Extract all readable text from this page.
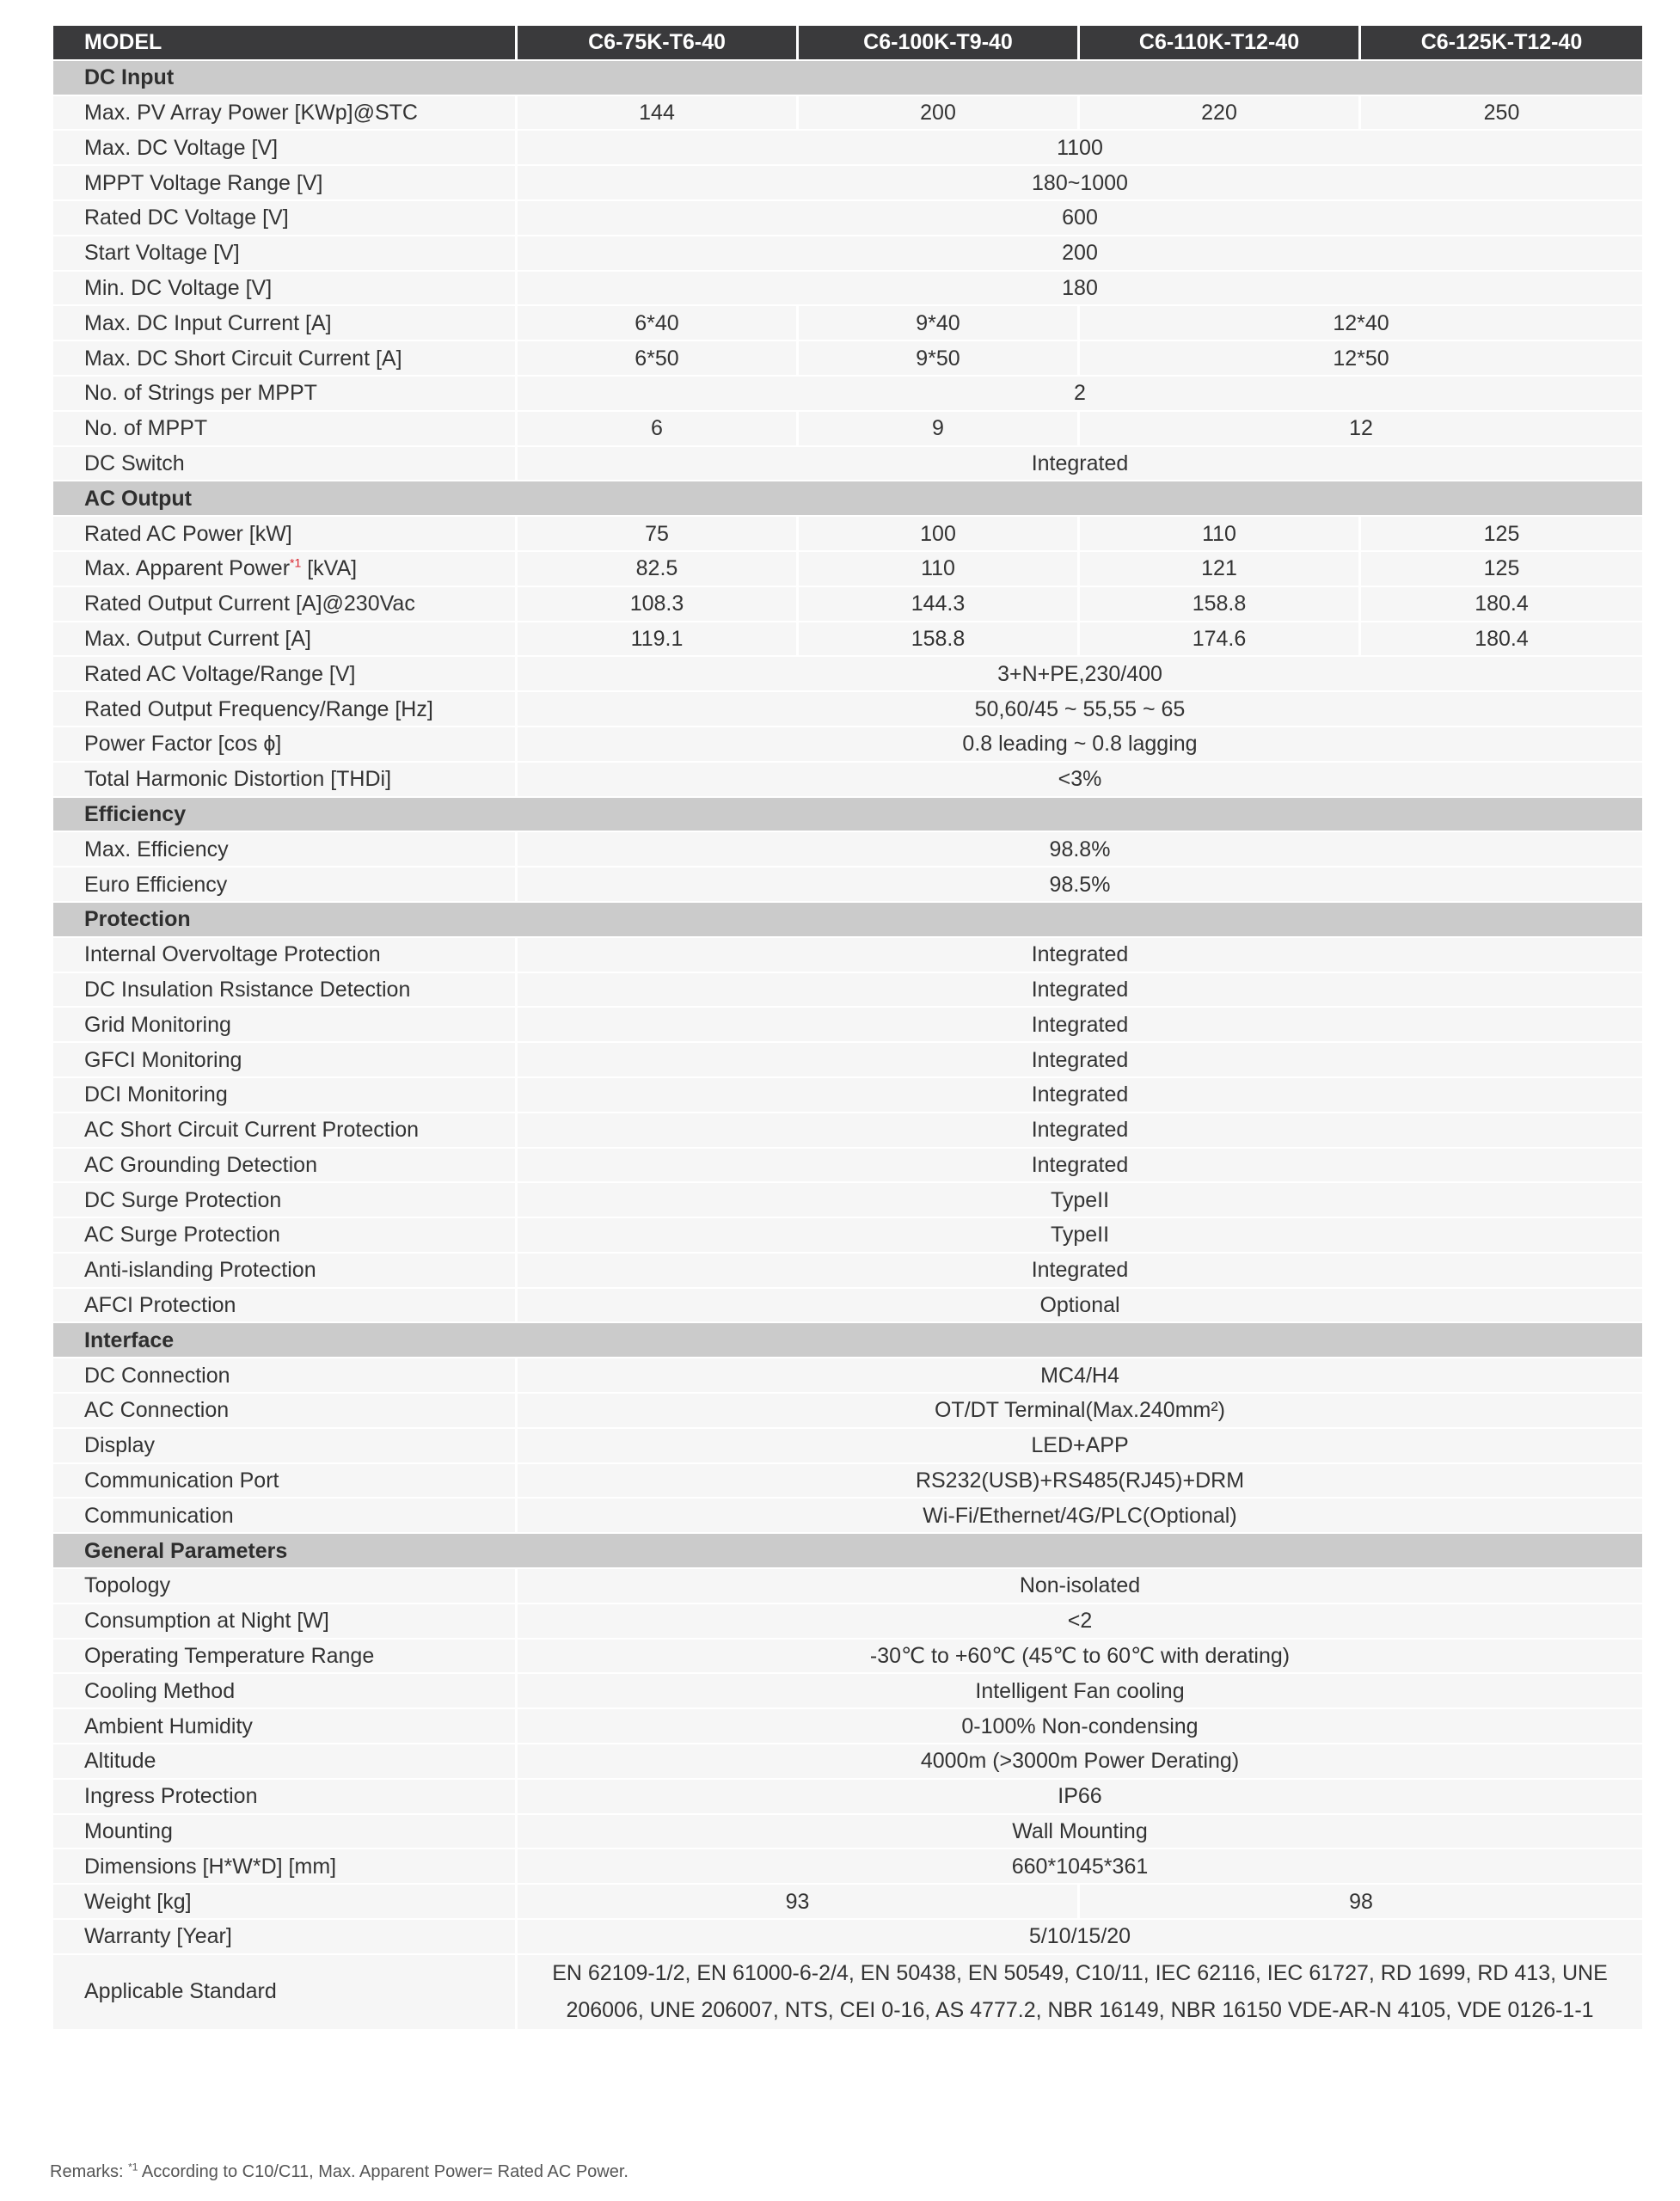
MODEL	C6-75K-T6-40	C6-100K-T9-40	C6-110K-T12-40	C6-125K-T12-40
DC Input				
Max. PV Array Power [KWp]@STC	144	200	220	250
Max. DC Voltage [V]	1100			
MPPT Voltage Range [V]	180~1000			
Rated DC Voltage [V]	600			
Start Voltage [V]	200			
Min. DC Voltage [V]	180			
Max. DC Input Current [A]	6*40	9*40	12*40	
Max. DC Short Circuit Current [A]	6*50	9*50	12*50	
No. of Strings per MPPT	2			
No. of MPPT	6	9	12	
DC Switch	Integrated			
AC Output				
Rated AC Power [kW]	75	100	110	125
Max. Apparent Power$^{*1}$ [kVA]	82.5	110	121	125
Rated Output Current [A]@230Vac	108.3	144.3	158.8	180.4
Max. Output Current [A]	119.1	158.8	174.6	180.4
Rated AC Voltage/Range [V]	3+N+PE,230/400			
Rated Output Frequency/Range [Hz]	50,60/45 ~ 55,55 ~ 65			
Power Factor [cos ϕ]	0.8 leading ~ 0.8 lagging			
Total Harmonic Distortion [THDi]	<3%			
Efficiency				
Max. Efficiency	98.8%			
Euro Efficiency	98.5%			
Protection				
Internal Overvoltage Protection	Integrated			
DC Insulation Rsistance Detection	Integrated			
Grid Monitoring	Integrated			
GFCI Monitoring	Integrated			
DCI Monitoring	Integrated			
AC Short Circuit Current Protection	Integrated			
AC Grounding Detection	Integrated			
DC Surge Protection	TypeII			
AC Surge Protection	TypeII			
Anti-islanding Protection	Integrated			
AFCI Protection	Optional			
Interface				
DC Connection	MC4/H4			
AC Connection	OT/DT Terminal(Max.240mm²)			
Display	LED+APP			
Communication Port	RS232(USB)+RS485(RJ45)+DRM			
Communication	Wi-Fi/Ethernet/4G/PLC(Optional)			
General Parameters				
Topology	Non-isolated			
Consumption at Night [W]	<2			
Operating Temperature Range	-30℃ to +60℃ (45℃ to 60℃ with derating)			
Cooling Method	Intelligent Fan cooling			
Ambient Humidity	0-100% Non-condensing			
Altitude	4000m (>3000m Power Derating)			
Ingress Protection	IP66			
Mounting	Wall Mounting			
Dimensions [H*W*D] [mm]	660*1045*361			
Weight [kg]	93		98	
Warranty [Year]	5/10/15/20			
Applicable Standard	EN 62109-1/2, EN 61000-6-2/4, EN 50438, EN 50549, C10/11, IEC 62116, IEC 61727, RD 1699, RD 413, UNE 206006, UNE 206007, NTS, CEI 0-16, AS 4777.2, NBR 16149, NBR 16150 VDE-AR-N 4105, VDE 0126-1-1			
Remarks: $^{*1}$ According to C10/C11, Max. Apparent Power= Rated AC Power.
